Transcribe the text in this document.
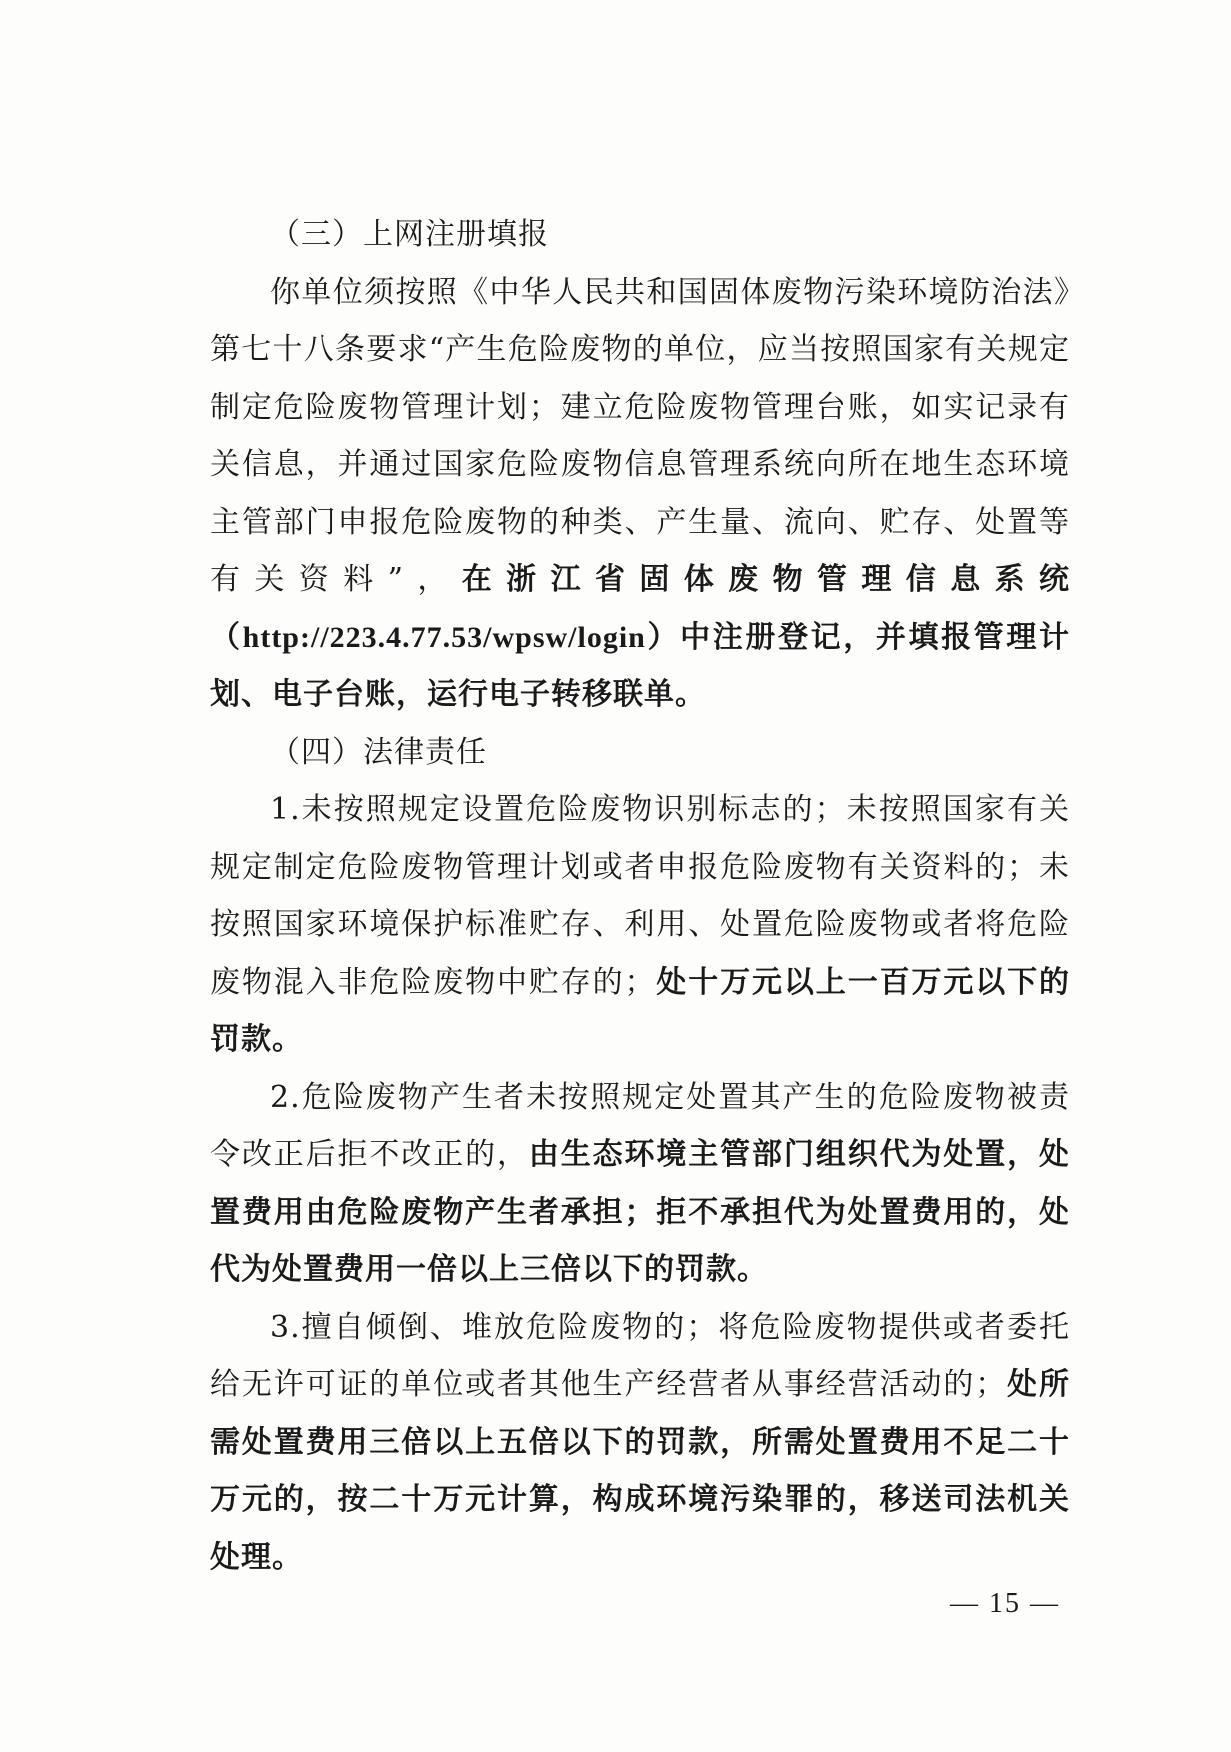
（三）上网注册填报

你单位须按照《中华人民共和国固体废物污染环境防治法》第七十八条要求“产生危险废物的单位，应当按照国家有关规定制定危险废物管理计划；建立危险废物管理台账，如实记录有关信息，并通过国家危险废物信息管理系统向所在地生态环境主管部门申报危险废物的种类、产生量、流向、贮存、处置等有关资料”，在浙江省固体废物管理信息系统（http://223.4.77.53/wpsw/login）中注册登记，并填报管理计划、电子台账，运行电子转移联单。

（四）法律责任

1.未按照规定设置危险废物识别标志的；未按照国家有关规定制定危险废物管理计划或者申报危险废物有关资料的；未按照国家环境保护标准贮存、利用、处置危险废物或者将危险废物混入非危险废物中贮存的；处十万元以上一百万元以下的罚款。

2.危险废物产生者未按照规定处置其产生的危险废物被责令改正后拒不改正的，由生态环境主管部门组织代为处置，处置费用由危险废物产生者承担；拒不承担代为处置费用的，处代为处置费用一倍以上三倍以下的罚款。

3.擅自倾倒、堆放危险废物的；将危险废物提供或者委托给无许可证的单位或者其他生产经营者从事经营活动的；处所需处置费用三倍以上五倍以下的罚款，所需处置费用不足二十万元的，按二十万元计算，构成环境污染罪的，移送司法机关处理。

— 15 —
